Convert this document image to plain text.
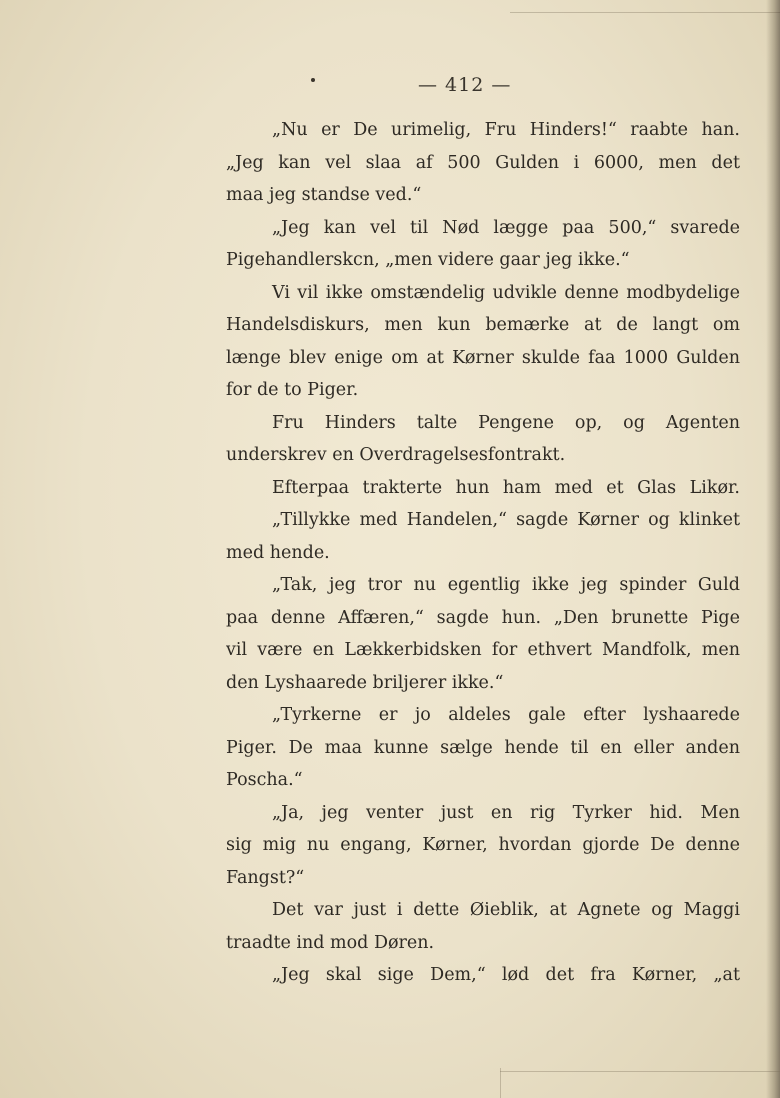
— 412 —
„Nu er De urimelig, Fru Hinders!“ raabte han.
„Jeg kan vel slaa af 500 Gulden i 6000, men det
maa jeg standse ved.“
„Jeg kan vel til Nød lægge paa 500,“ svarede
Pigehandlerskcn, „men videre gaar jeg ikke.“
Vi vil ikke omstændelig udvikle denne modbydelige
Handelsdiskurs, men kun bemærke at de langt om
længe blev enige om at Kørner skulde faa 1000 Gulden
for de to Piger.
Fru Hinders talte Pengene op, og Agenten
underskrev en Overdragelsesfontrakt.
Efterpaa trakterte hun ham med et Glas Likør.
„Tillykke med Handelen,“ sagde Kørner og klinket
med hende.
„Tak, jeg tror nu egentlig ikke jeg spinder Guld
paa denne Affæren,“ sagde hun. „Den brunette Pige
vil være en Lækkerbidsken for ethvert Mandfolk, men
den Lyshaarede briljerer ikke.“
„Tyrkerne er jo aldeles gale efter lyshaarede
Piger. De maa kunne sælge hende til en eller anden
Poscha.“
„Ja, jeg venter just en rig Tyrker hid. Men
sig mig nu engang, Kørner, hvordan gjorde De denne
Fangst?“
Det var just i dette Øieblik, at Agnete og Maggi
traadte ind mod Døren.
„Jeg skal sige Dem,“ lød det fra Kørner, „at
